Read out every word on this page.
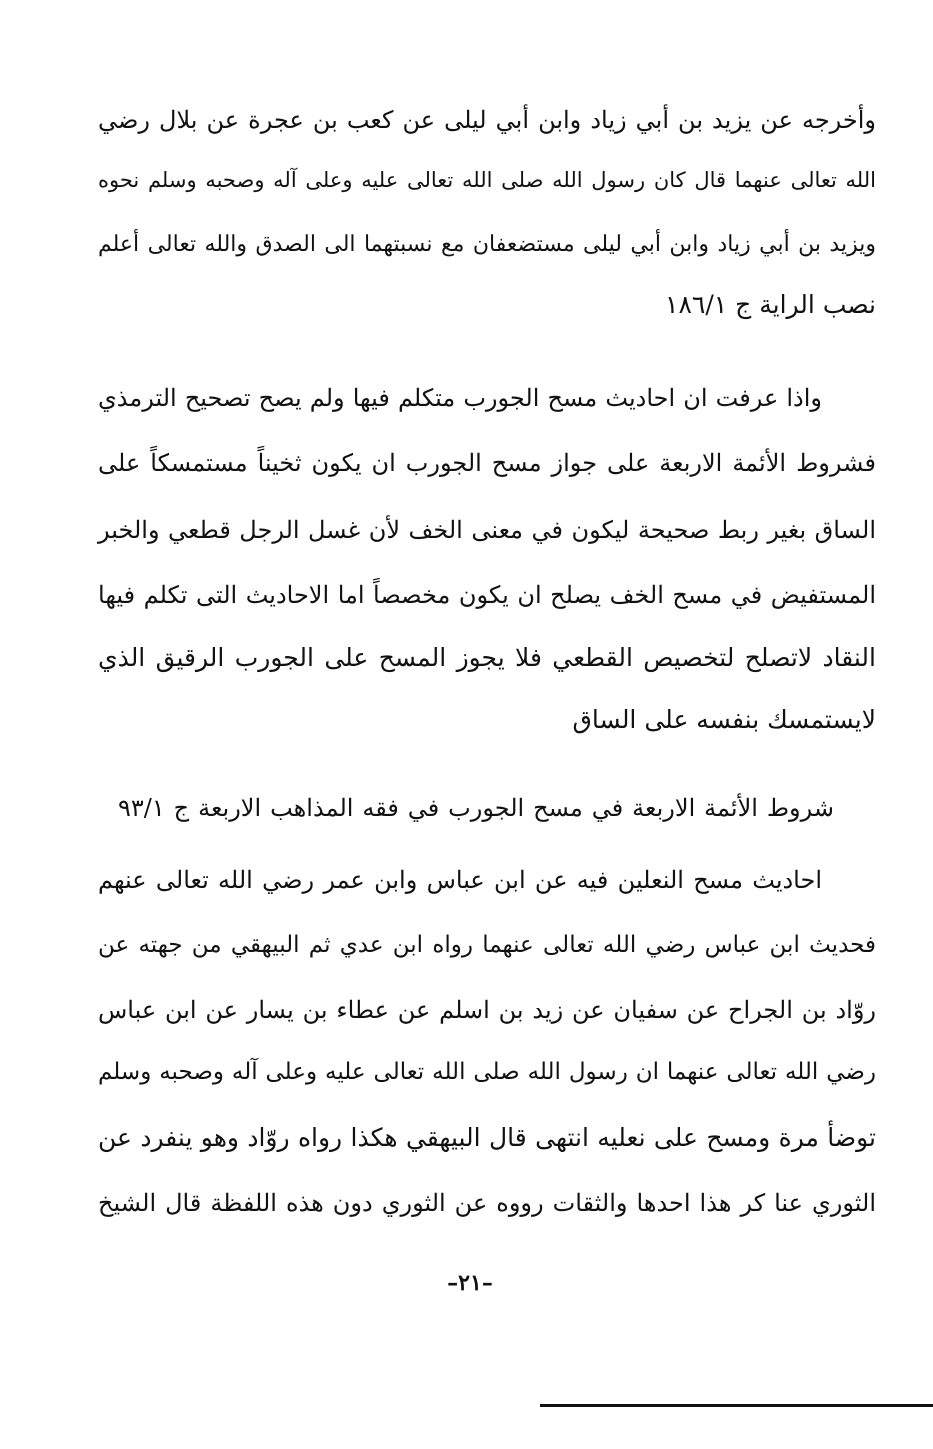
وأخرجه عن يزيد بن أبي زياد وابن أبي ليلى عن كعب بن عجرة عن بلال رضي
الله تعالى عنهما قال كان رسول الله صلى الله تعالى عليه وعلى آله وصحبه وسلم نحوه
ويزيد بن أبي زياد وابن أبي ليلى مستضعفان مع نسبتهما الى الصدق والله تعالى أعلم
نصب الراية ج ١٨٦/١
واذا عرفت ان احاديث مسح الجورب متكلم فيها ولم يصح تصحيح الترمذي
فشروط الأئمة الاربعة على جواز مسح الجورب ان يكون ثخيناً مستمسكاً على
الساق بغير ربط صحيحة ليكون في معنى الخف لأن غسل الرجل قطعي والخبر
المستفيض في مسح الخف يصلح ان يكون مخصصاً اما الاحاديث التى تكلم فيها
النقاد لاتصلح لتخصيص القطعي فلا يجوز المسح على الجورب الرقيق الذي
لايستمسك بنفسه على الساق
شروط الأئمة الاربعة في مسح الجورب في فقه المذاهب الاربعة ج ٩٣/١
احاديث مسح النعلين فيه عن ابن عباس وابن عمر رضي الله تعالى عنهم
فحديث ابن عباس رضي الله تعالى عنهما رواه ابن عدي ثم البيهقي من جهته عن
روّاد بن الجراح عن سفيان عن زيد بن اسلم عن عطاء بن يسار عن ابن عباس
رضي الله تعالى عنهما ان رسول الله صلى الله تعالى عليه وعلى آله وصحبه وسلم
توضأ مرة ومسح على نعليه انتهى قال البيهقي هكذا رواه روّاد وهو ينفرد عن
الثوري عنا كر هذا احدها والثقات رووه عن الثوري دون هذه اللفظة قال الشيخ
–٢١–
